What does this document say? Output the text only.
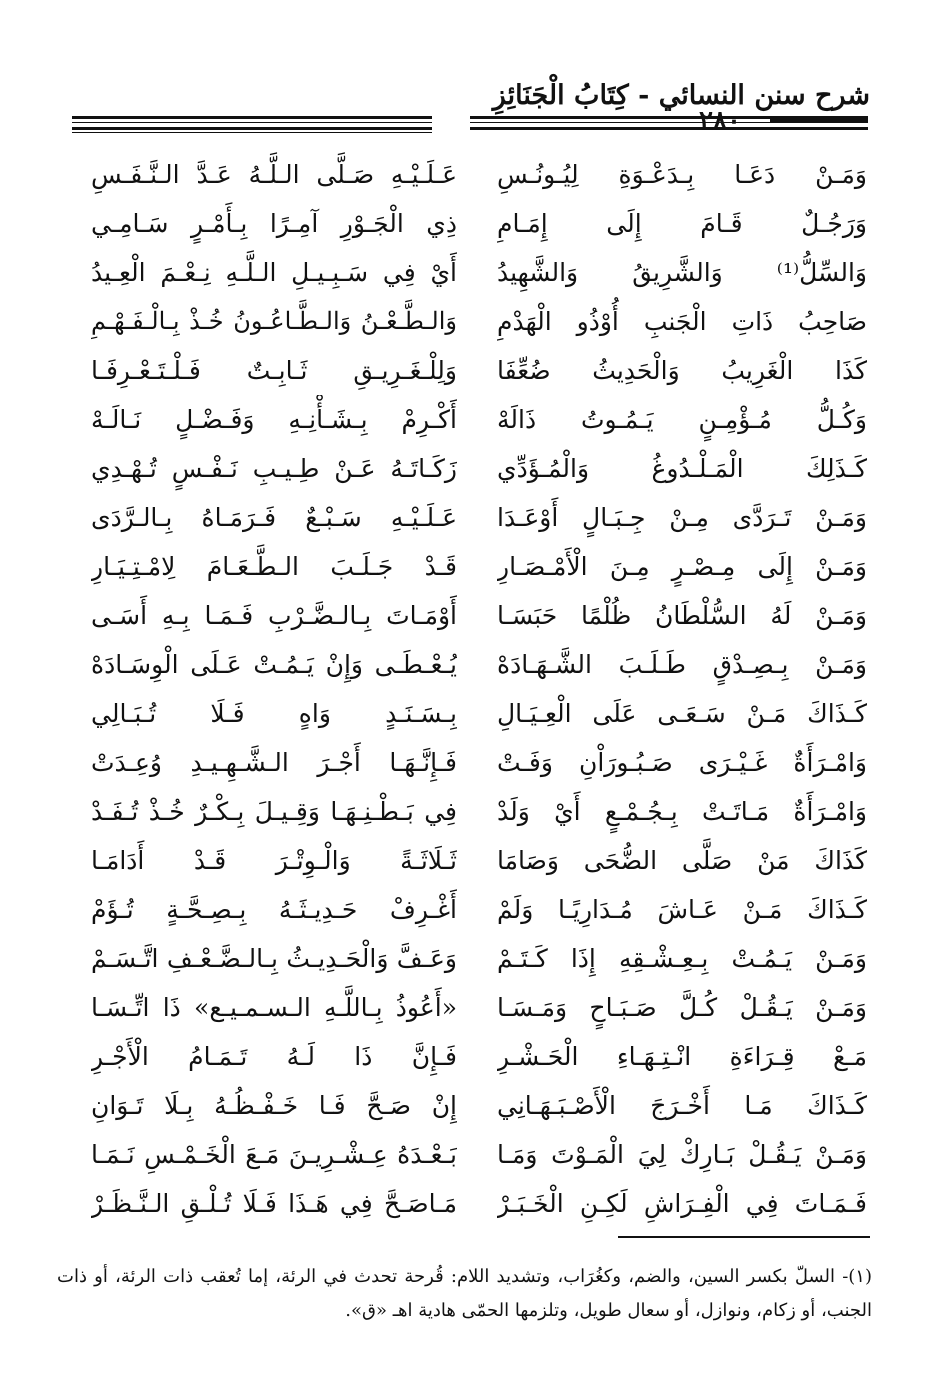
شرح سنن النسائي - كِتَابُ الْجَنَائِزِ
٢٨٠
وَمَـنْ دَعَـا بِـدَعْـوَةِ لِيُـونُـسِ
وَرَجُـلٌ قَـامَ إِلَى إِمَـامِ
وَالسِّلُّ⁽¹⁾ وَالشَّرِيقُ وَالشَّهِيدُ
صَاحِبُ ذَاتِ الْجَنبِ أُوْذُو الْهَدْمِ
كَذَا الْغَرِيبُ وَالْحَدِيثُ ضُعِّفَا
وَكُـلُّ مُـؤْمِـنٍ يَـمُـوتُ ذَالَهْ
كَـذَلِكَ الْمَـلْـدُوغُ وَالْمُـؤَدِّي
وَمَـنْ تَـرَدَّى مِـنْ جِـبَـالٍ أَوْعَـدَا
وَمَـنْ إِلَى مِـصْـرٍ مِـنَ الْأَمْـصَـارِ
وَمَـنْ لَهُ السُّلْطَانُ ظُلْمًا حَبَسَـا
وَمَـنْ بِـصِـدْقٍ طَـلَـبَ الشَّـهَـادَهْ
كَـذَاكَ مَـنْ سَـعَـى عَلَى الْعِـيَـالِ
وَامْـرَأَةٌ غَـيْـرَى صَـبُـورَاْنِ وَفَـتْ
وَامْـرَأَةٌ مَـاتَـتْ بِـجُـمْـعٍ أَيْ وَلَدْ
كَذَاكَ مَنْ صَلَّى الضُّحَى وَصَامَا
كَـذَاكَ مَـنْ عَـاشَ مُـدَارِيًـا وَلَمْ
وَمَـنْ يَـمُـتْ بِـعِـشْـقِهِ إِذَا كَـتَـمْ
وَمَـنْ يَـقُـلْ كُـلَّ صَـبَـاحٍ وَمَـسَـا
مَـعْ قِـرَاءَةِ انْـتِـهَـاءِ الْحَـشْـرِ
كَـذَاكَ مَـا أَخْـرَجَ الْأَصْـبَـهَـانِي
وَمَـنْ يَـقُـلْ بَـارِكْ لِيَ الْمَـوْتَ وَمَـا
فَـمَـاتَ فِي الْفِـرَاشِ لَكِـنِ الْخَـبَـرْ
عَـلَـيْـهِ صَـلَّى الـلَّـهُ عَـدَّ الـنَّـفَـسِ
ذِي الْجَـوْرِ آمِـرًا بِـأَمْـرٍ سَـامِـي
أَيْ فِي سَـبِـيـلِ الـلَّـهِ نِـعْـمَ الْعِـيدُ
وَالـطَّـعْـنُ وَالـطَّـاعُـونُ خُـذْ بِـالْـفَـهْـمِ
وَلِلْـغَـرِيـقِ ثَـابِـتٌ فَـلْـتَـعْـرِفَـا
أَكْـرِمْ بِـشَـأْنِـهِ وَفَـضْـلٍ نَـالَـهْ
زَكَـاتَـهُ عَـنْ طِـيـبِ نَـفْـسٍ تُـهْـدِي
عَـلَـيْـهِ سَـبْـعٌ فَـرَمَـاهُ بِـالـرَّدَى
قَـدْ جَـلَـبَ الـطَّـعَـامَ لِامْـتِـيَـارِ
أَوْمَـاتَ بِـالـضَّـرْبِ فَـمَـا بِـهِ أَسَـى
يُـعْـطَـى وَإِنْ يَـمُـتْ عَـلَى الْوِسَـادَهْ
بِـسَـنَـدٍ وَاهٍ فَـلَا تُـبَـالِي
فَـإِنَّـهَـا أَجْـرَ الـشَّـهِـيـدِ وُعِـدَتْ
فِي بَـطْـنِـهَـا وَقِـيـلَ بِـكْـرٌ خُـذْ تُـفَـدْ
ثَـلَاثَـةً وَالْـوِتْـرَ قَـدْ أَدَامَـا
أَغْـرِفْ حَـدِيـثَـهُ بِـصِـحَّـةٍ تُـؤَمْ
وَعَـفَّ وَالْحَـدِيـثُ بِـالـضَّـعْـفِ اتَّـسَـمْ
«أَعُوذُ بِـاللَّـهِ الـسـمـيـع» ذَا اتِّـسَـا
فَـإِنَّ ذَا لَـهُ تَـمَـامُ الْأَجْـرِ
إِنْ صَـحَّ فَـا خَـفْـظُـهُ بِـلَا تَـوَانِ
بَـعْـدَهُ عِـشْـرِيـنَ مَـعَ الْخَـمْـسِ نَـمَـا
مَـاصَـحَّ فِي هَـذَا فَـلَا تُـلْـقِ الـنَّـظَـرْ
(١)- السلّ بكسر السين، والضم، وكغُرَاب، وتشديد اللام: قُرحة تحدث في الرئة، إما تُعقب ذات الرئة، أو ذات الجنب، أو زكام، ونوازل، أو سعال طويل، وتلزمها الحمّى هادية اهـ «ق».
